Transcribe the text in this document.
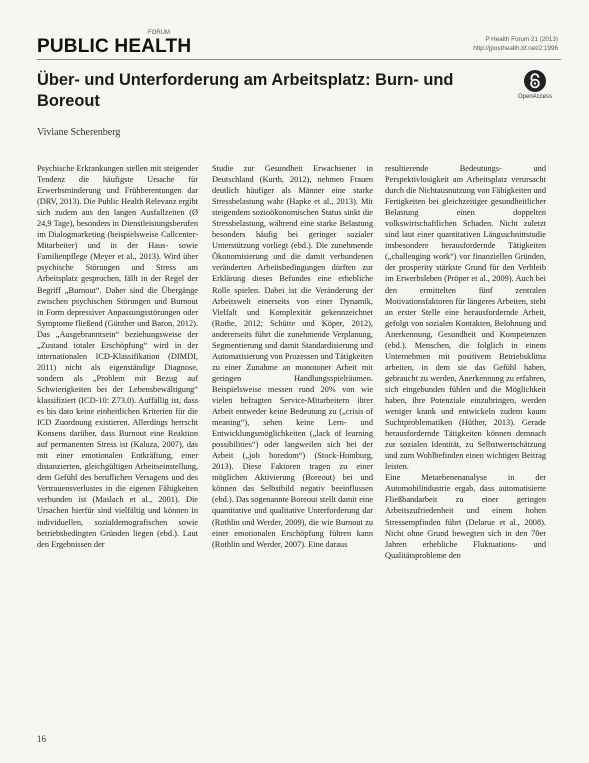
PUBLIC HEALTH
FORUM
P Health Forum 21 (2013)
http://jposthealth.bf.net/2:1996
Über- und Unterforderung am Arbeitsplatz: Burn- und Boreout	OpenAccess
Viviane Scherenberg

Psychische Erkrankungen stellen mit steigender Tendenz die häufigste Ursache für Erwerbsminderung und Frühberentungen dar (DRV, 2013). Die Public Health Relevanz ergibt sich zudem aus den langen Ausfallzeiten (Ø 24,9 Tage), besonders in Dienstleistungsberufen im Dialogmarketing (beispielsweise Callcenter-Mitarbeiter) und in der Haus- sowie Familienpflege (Meyer et al., 2013). Wird über psychische Störungen und Stress am Arbeitsplatz gesprochen, fällt in der Regel der Begriff „Burnout“. Daher sind die Übergänge zwischen psychischen Störungen und Burnout in Form depressiver Anpassungsstörungen oder Symptome fließend (Günther und Baron, 2012). Das „Ausgebranntsein“ beziehungsweise der „Zustand totaler Erschöpfung“ wird in der internationalen ICD-Klassifikation (DIMDI, 2011) nicht als eigenständige Diagnose, sondern als „Problem mit Bezug auf Schwierigkeiten bei der Lebensbewältigung“ klassifiziert (ICD-10: Z73.0). Auffällig ist, dass es bis dato keine einheitlichen Kriterien für die ICD Zuordnung existieren. Allerdings herrscht Konsens darüber, dass Burnout eine Reaktion auf permanenten Stress ist (Kaluza, 2007), das mit einer emotionalen Entkräftung, einer distanzierten, gleichgültigen Arbeitseinstellung, dem Gefühl des beruflichen Versagens und des Vertrauensverlustes in die eigenen Fähigkeiten verbunden ist (Maslach et al., 2001). Die Ursachen hierfür sind vielfältig und können in individuellen, sozialdemografischen sowie betriebsbedingten Gründen liegen (ebd.). Laut den Ergebnissen der

Studie zur Gesundheit Erwachsener in Deutschland (Kurth, 2012), nehmen Frauen deutlich häufiger als Männer eine starke Stressbelastung wahr (Hapke et al., 2013). Mit steigendem sozioökonomischen Status sinkt die Stressbelastung, während eine starke Belastung besonders häufig bei geringer sozialer Unterstützung vorliegt (ebd.). Die zunehmende Ökonomisierung und die damit verbundenen veränderten Arbeitsbedingungen dürften zur Erklärung dieses Befundes eine erhebliche Rolle spielen. Dabei ist die Veränderung der Arbeitswelt einerseits von einer Dynamik, Vielfalt und Komplexität gekennzeichnet (Rothe, 2012; Schütte und Köper, 2012), andererseits führt die zunehmende Verplanung, Segmentierung und damit Standardisierung und Automatisierung von Prozessen und Tätigkeiten zu einer Zunahme an monotoner Arbeit mit geringen Handlungsspielräumen. Beispielsweise messen rund 20% von wie vielen befragten Service-Mitarbeitern ihrer Arbeit entweder keine Bedeutung zu („crisis of meaning“), sehen keine Lern- und Entwicklungsmöglichkeiten („lack of learning possibilities“) oder langweilen sich bei der Arbeit („job boredom“) (Stock-Homburg, 2013). Diese Faktoren tragen zu einer möglichen Aktivierung (Boreout) bei und können das Selbstbild negativ beeinflussen (ebd.). Das sogenannte Boreout stellt damit eine quantitative und qualitative Unterforderung dar (Rothlin und Werder, 2009), die wie Burnout zu einer emotionalen Erschöpfung führen kann (Rothlin und Werder, 2007). Eine daraus

resultierende Bedeutungs- und Perspektivlosigkeit am Arbeitsplatz verursacht durch die Nichtausnutzung von Fähigkeiten und Fertigkeiten bei gleichzeitiger gesundheitlicher Belastung einen doppelten volkswirtschaftlichen Schaden. Nicht zuletzt sind laut einer quantitativen Längsschnittstudie insbesondere herausfordernde Tätigkeiten („challenging work“) vor finanziellen Gründen, der prosperity stärkste Grund für den Verbleib im Erwerbsleben (Pröper et al., 2009). Auch bei den ermittelten fünf zentralen Motivationsfaktoren für längeres Arbeiten, steht an erster Stelle eine herausfordernde Arbeit, gefolgt von sozialen Kontakten, Belohnung und Anerkennung, Gesundheit und Kompetenzen (ebd.). Menschen, die folglich in einem Unternehmen mit positivem Betriebsklima arbeiten, in dem sie das Gefühl haben, gebraucht zu werden, Anerkennung zu erfahren, sich eingebunden fühlen und die Möglichkeit haben, ihre Potenziale einzubringen, werden weniger krank und entwickeln zudem kaum Suchtproblematiken (Hüther, 2013). Gerade herausfordernde Tätigkeiten können demnach zur sozialen Identität, zu Selbstwertschätzung und zum Wohlbefinden einen wichtigen Beitrag leisten.
Eine Metaebenenanalyse in der Automobilindustrie ergab, dass automatisierte Fließbandarbeit zu einer geringen Arbeitszufriedenheit und einem hohen Stressempfinden führt (Delarue et al., 2008). Nicht ohne Grund bewegten sich in den 70er Jahren erhebliche Fluktuations- und Qualitätsprobleme den

16
